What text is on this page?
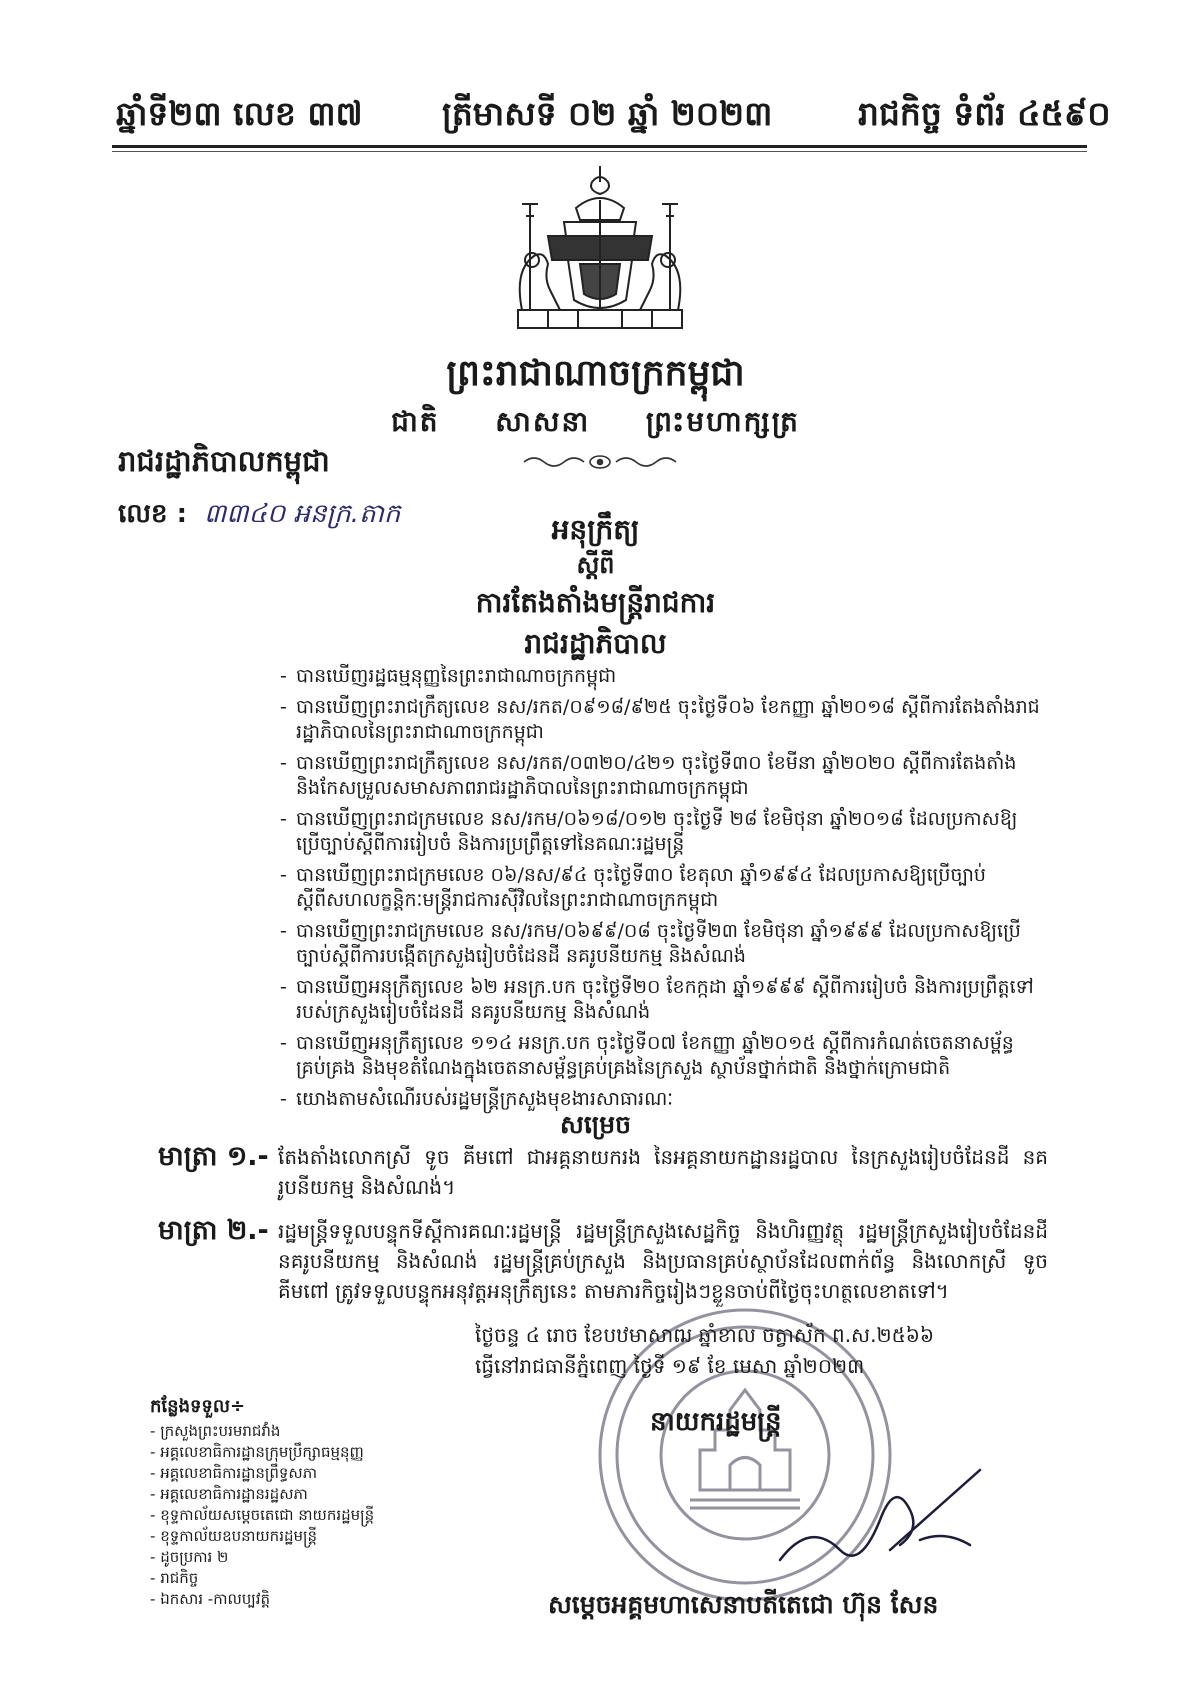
ឆ្នាំទី២៣ លេខ ៣៧ ត្រីមាសទី ០២ ឆ្នាំ ២០២៣	រាជកិច្ច ទំព័រ ៤៥៩០
ព្រះរាជាណាចក្រកម្ពុជា
ជាតិ សាសនា ព្រះមហាក្សត្រ
រាជរដ្ឋាភិបាលកម្ពុជា
លេខ : ៣៣៤០ អនក្រ.តាក	អនុក្រឹត្យ
ស្ដីពី
ការតែងតាំងមន្ត្រីរាជការ
រាជរដ្ឋាភិបាល
- បានឃើញរដ្ឋធម្មនុញ្ញនៃព្រះរាជាណាចក្រកម្ពុជា
- បានឃើញព្រះរាជក្រឹត្យលេខ នស/រកត/០៩១៨/៩២៥ ចុះថ្ងៃទី០៦ ខែកញ្ញា ឆ្នាំ២០១៨ ស្ដីពីការតែងតាំងរាជរដ្ឋាភិបាលនៃព្រះរាជាណាចក្រកម្ពុជា
- បានឃើញព្រះរាជក្រឹត្យលេខ នស/រកត/០៣២០/៤២១ ចុះថ្ងៃទី៣០ ខែមីនា ឆ្នាំ២០២០ ស្ដីពីការតែងតាំង និងកែសម្រួលសមាសភាពរាជរដ្ឋាភិបាលនៃព្រះរាជាណាចក្រកម្ពុជា
- បានឃើញព្រះរាជក្រមលេខ នស/រកម/០៦១៨/០១២ ចុះថ្ងៃទី ២៨ ខែមិថុនា ឆ្នាំ២០១៨ ដែលប្រកាសឱ្យប្រើច្បាប់ស្ដីពីការរៀបចំ និងការប្រព្រឹត្តទៅនៃគណៈរដ្ឋមន្ត្រី
- បានឃើញព្រះរាជក្រមលេខ ០៦/នស/៩៤ ចុះថ្ងៃទី៣០ ខែតុលា ឆ្នាំ១៩៩៤ ដែលប្រកាសឱ្យប្រើច្បាប់ស្ដីពីសហលក្ខន្តិកៈមន្ត្រីរាជការស៊ីវិលនៃព្រះរាជាណាចក្រកម្ពុជា
- បានឃើញព្រះរាជក្រមលេខ នស/រកម/០៦៩៩/០៨ ចុះថ្ងៃទី២៣ ខែមិថុនា ឆ្នាំ១៩៩៩ ដែលប្រកាសឱ្យប្រើច្បាប់ស្ដីពីការបង្កើតក្រសួងរៀបចំដែនដី នគរូបនីយកម្ម និងសំណង់
- បានឃើញអនុក្រឹត្យលេខ ៦២ អនក្រ.បក ចុះថ្ងៃទី២០ ខែកក្កដា ឆ្នាំ១៩៩៩ ស្ដីពីការរៀបចំ និងការប្រព្រឹត្តទៅរបស់ក្រសួងរៀបចំដែនដី នគរូបនីយកម្ម និងសំណង់
- បានឃើញអនុក្រឹត្យលេខ ១១៤ អនក្រ.បក ចុះថ្ងៃទី០៧ ខែកញ្ញា ឆ្នាំ២០១៥ ស្ដីពីការកំណត់ចេតនាសម្ព័ន្ធគ្រប់គ្រង និងមុខតំណែងក្នុងចេតនាសម្ព័ន្ធគ្រប់គ្រងនៃក្រសួង ស្ថាប័នថ្នាក់ជាតិ និងថ្នាក់ក្រោមជាតិ
- យោងតាមសំណើរបស់រដ្ឋមន្ត្រីក្រសួងមុខងារសាធារណៈ
សម្រេច
មាត្រា ១.- តែងតាំងលោកស្រី ទូច គីមពៅ ជាអគ្គនាយករង នៃអគ្គនាយកដ្ឋានរដ្ឋបាល នៃក្រសួងរៀបចំដែនដី នគរូបនីយកម្ម និងសំណង់។
មាត្រា ២.- រដ្ឋមន្ត្រីទទួលបន្ទុកទីស្ដីការគណៈរដ្ឋមន្ត្រី រដ្ឋមន្ត្រីក្រសួងសេដ្ឋកិច្ច និងហិរញ្ញវត្ថុ រដ្ឋមន្ត្រីក្រសួងរៀបចំដែនដី នគរូបនីយកម្ម និងសំណង់ រដ្ឋមន្ត្រីគ្រប់ក្រសួង និងប្រធានគ្រប់ស្ថាប័នដែលពាក់ព័ន្ធ និងលោកស្រី ទូច គីមពៅ ត្រូវទទួលបន្ទុកអនុវត្តអនុក្រឹត្យនេះ តាមភារកិច្ចរៀងៗខ្លួនចាប់ពីថ្ងៃចុះហត្ថលេខាតទៅ។
ថ្ងៃចន្ទ ៤ រោច ខែបឋមាសាឍ ឆ្នាំខាល ចត្វាស័ក ព.ស.២៥៦៦
ធ្វើនៅរាជធានីភ្នំពេញ ថ្ងៃទី ១៩ ខែ មេសា ឆ្នាំ២០២៣
នាយករដ្ឋមន្ត្រី
សម្ដេចអគ្គមហាសេនាបតីតេជោ ហ៊ុន សែន
កន្លែងទទួល÷
- ក្រសួងព្រះបរមរាជវាំង
- អគ្គលេខាធិការដ្ឋានក្រុមប្រឹក្សាធម្មនុញ្ញ
- អគ្គលេខាធិការដ្ឋានព្រឹទ្ធសភា
- អគ្គលេខាធិការដ្ឋានរដ្ឋសភា
- ខុទ្ទកាល័យសម្ដេចតេជោ នាយករដ្ឋមន្ត្រី
- ខុទ្ទកាល័យឧបនាយករដ្ឋមន្ត្រី
- ដូចប្រការ ២
- រាជកិច្ច
- ឯកសារ -កាលប្បវត្តិ
